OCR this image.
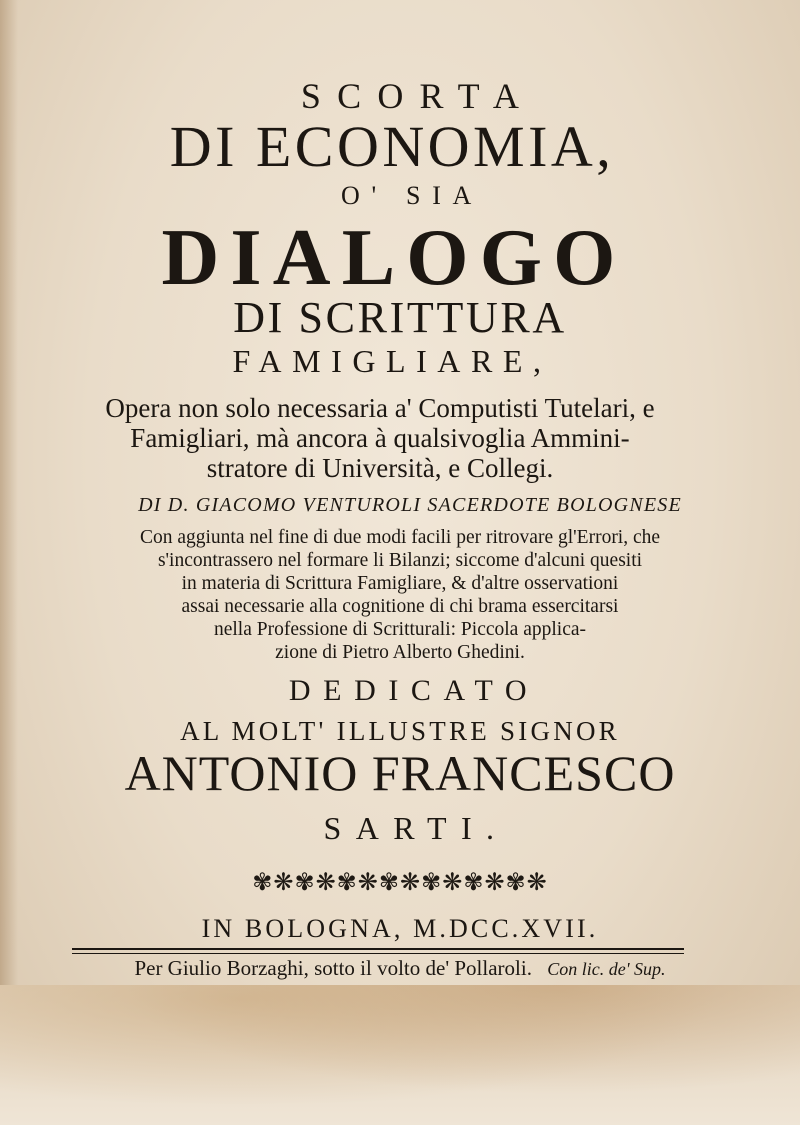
SCORTA
DI ECONOMIA,
O' SIA
DIALOGO
DI SCRITTURA
FAMIGLIARE,
Opera non solo necessaria a' Computisti Tutelari, e
Famigliari, mà ancora à qualsivoglia Ammini-
stratore di Università, e Collegi.
DI D. GIACOMO VENTUROLI SACERDOTE BOLOGNESE
Con aggiunta nel fine di due modi facili per ritrovare gl'Errori, che
s'incontrassero nel formare li Bilanzi; siccome d'alcuni quesiti
in materia di Scrittura Famigliare, & d'altre osservationi
assai necessarie alla cognitione di chi brama essercitarsi
nella Professione di Scritturali: Piccola applica-
zione di Pietro Alberto Ghedini.
DEDICATO
AL MOLT' ILLUSTRE SIGNOR
ANTONIO FRANCESCO
SARTI.
✾❋✾❋✾❋✾❋✾❋✾❋✾❋
IN BOLOGNA, M.DCC.XVII.
Per Giulio Borzaghi, sotto il volto de' Pollaroli. Con lic. de' Sup.
